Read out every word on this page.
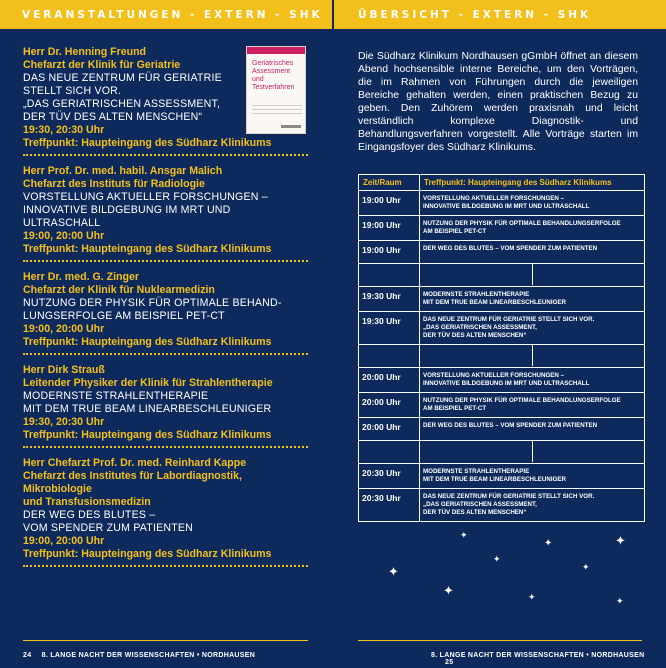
VERANSTALTUNGEN - EXTERN - SHK	ÜBERSICHT - EXTERN - SHK
Geriatrisches Assessment und Testverfahren
Herr Dr. Henning Freund
Chefarzt der Klinik für Geriatrie
DAS NEUE ZENTRUM FÜR GERIATRIE
STELLT SICH VOR.
„DAS GERIATRISCHEN ASSESSMENT,
DER TÜV DES ALTEN MENSCHEN“
19:30, 20:30 Uhr
Treffpunkt: Haupteingang des Südharz Klinikums
Herr Prof. Dr. med. habil. Ansgar Malich
Chefarzt des Instituts für Radiologie
VORSTELLUNG AKTUELLER FORSCHUNGEN –
INNOVATIVE BILDGEBUNG IM MRT UND
ULTRASCHALL
19:00, 20:00 Uhr
Treffpunkt: Haupteingang des Südharz Klinikums
Herr Dr. med. G. Zinger
Chefarzt der Klinik für Nuklearmedizin
NUTZUNG DER PHYSIK FÜR OPTIMALE BEHAND-
LUNGSERFOLGE AM BEISPIEL PET-CT
19:00, 20:00 Uhr
Treffpunkt: Haupteingang des Südharz Klinikums
Herr Dirk Strauß
Leitender Physiker der Klinik für Strahlentherapie
MODERNSTE STRAHLENTHERAPIE
MIT DEM TRUE BEAM LINEARBESCHLEUNIGER
19:30, 20:30 Uhr
Treffpunkt: Haupteingang des Südharz Klinikums
Herr Chefarzt Prof. Dr. med. Reinhard Kappe
Chefarzt des Institutes für Labordiagnostik, Mikrobiologie
und Transfusionsmedizin
DER WEG DES BLUTES –
VOM SPENDER ZUM PATIENTEN
19:00, 20:00 Uhr
Treffpunkt: Haupteingang des Südharz Klinikums
Die Südharz Klinikum Nordhausen gGmbH öffnet an diesem Abend hochsensible interne Bereiche, um den Vorträgen, die im Rahmen von Führungen durch die jeweiligen Bereiche gehalten werden, einen praktischen Bezug zu geben. Den Zuhörem werden praxisnah und leicht verständlich komplexe Diagnostik- und Behandlungsverfahren vorgestellt. Alle Vorträge starten im Eingangsfoyer des Südharz Klinikums.
Zeit/Raum	Treffpunkt: Haupteingang des Südharz Klinikums
19:00 Uhr	VORSTELLUNG AKTUELLER FORSCHUNGEN –
INNOVATIVE BILDGEBUNG IM MRT UND ULTRASCHALL

19:00 Uhr	NUTZUNG DER PHYSIK FÜR OPTIMALE BEHANDLUNGSERFOLGE
AM BEISPIEL PET-CT

19:00 Uhr	DER WEG DES BLUTES – VOM SPENDER ZUM PATIENTEN

19:30 Uhr	MODERNSTE STRAHLENTHERAPIE
MIT DEM TRUE BEAM LINEARBESCHLEUNIGER

19:30 Uhr	DAS NEUE ZENTRUM FÜR GERIATRIE STELLT SICH VOR.
„DAS GERIATRISCHEN ASSESSMENT,
DER TÜV DES ALTEN MENSCHEN“

20:00 Uhr	VORSTELLUNG AKTUELLER FORSCHUNGEN –
INNOVATIVE BILDGEBUNG IM MRT UND ULTRASCHALL

20:00 Uhr	NUTZUNG DER PHYSIK FÜR OPTIMALE BEHANDLUNGSERFOLGE
AM BEISPIEL PET-CT

20:00 Uhr	DER WEG DES BLUTES – VOM SPENDER ZUM PATIENTEN

20:30 Uhr	MODERNSTE STRAHLENTHERAPIE
MIT DEM TRUE BEAM LINEARBESCHLEUNIGER

20:30 Uhr	DAS NEUE ZENTRUM FÜR GERIATRIE STELLT SICH VOR.
„DAS GERIATRISCHEN ASSESSMENT,
DER TÜV DES ALTEN MENSCHEN“
✦
✦
✦	✦
✦	✦
✦	✦	✦
24 8. LANGE NACHT DER WISSENSCHAFTEN • NORDHAUSEN	8. LANGE NACHT DER WISSENSCHAFTEN • NORDHAUSEN 25
